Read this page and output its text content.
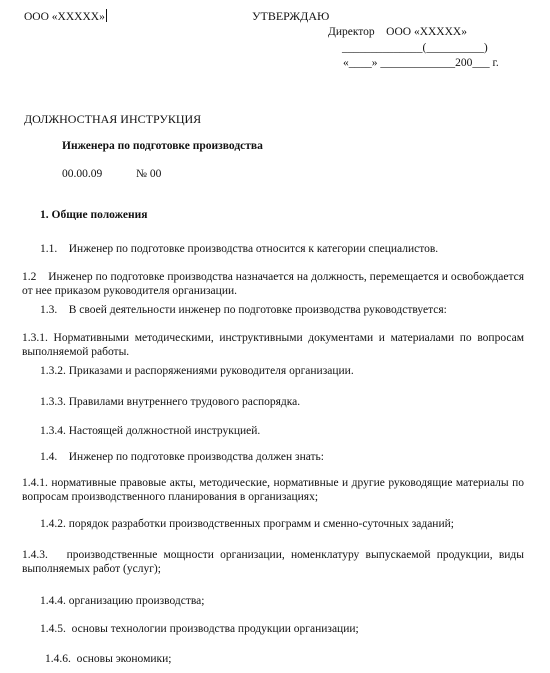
ООО «ХXXXX»	УТВЕРЖДАЮ
Директор    ООО «ХXXXX»
______________(__________)
«____» _____________200___ г.
ДОЛЖНОСТНАЯ ИНСТРУКЦИЯ
Инженера по подготовке производства
00.00.09	№ 00
1. Общие положения
1.1.    Инженер по подготовке производства относится к категории специалистов.
1.2    Инженер по подготовке производства назначается на должность, перемещается и освобождается от нее приказом руководителя организации.
1.3.    В своей деятельности инженер по подготовке производства руководствуется:
1.3.1. Нормативными методическими, инструктивными документами и материалами по вопросам выполняемой работы.
1.3.2. Приказами и распоряжениями руководителя организации.
1.3.3. Правилами внутреннего трудового распорядка.
1.3.4. Настоящей должностной инструкцией.
1.4.    Инженер по подготовке производства должен знать:
1.4.1. нормативные правовые акты, методические, нормативные и другие руководящие материалы по вопросам производственного планирования в организациях;
1.4.2. порядок разработки производственных программ и сменно-суточных заданий;
1.4.3.   производственные мощности организации, номенклатуру выпускаемой продукции, виды выполняемых работ (услуг);
1.4.4. организацию производства;
1.4.5.  основы технологии производства продукции организации;
1.4.6.  основы экономики;
